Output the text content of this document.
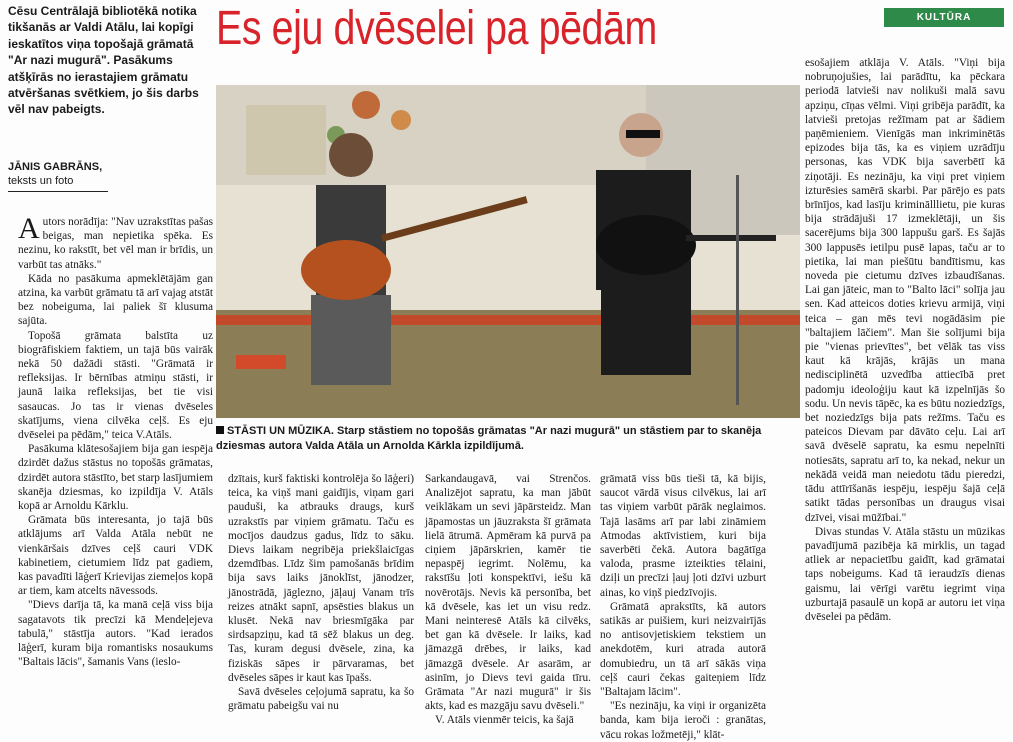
KULTŪRA
Es eju dvēselei pa pēdām
Cēsu Centrālajā bibliotēkā notika tikšanās ar Valdi Atālu, lai kopīgi ieskatītos viņa topošajā grāmatā "Ar nazi mugurā". Pasākums atšķīrās no ierastajiem grāmatu atvēršanas svētkiem, jo šis darbs vēl nav pabeigts.
JĀNIS GABRĀNS,
teksts un foto
STĀSTI UN MŪZIKA. Starp stāstiem no topošās grāmatas "Ar nazi mugurā" un stāstiem par to skanēja dziesmas autora Valda Atāla un Arnolda Kārkla izpildījumā.

Autors norādīja: "Nav uzrakstītas pašas beigas, man nepietika spēka. Es nezinu, ko rakstīt, bet vēl man ir brīdis, un varbūt tas atnāks."

Kāda no pasākuma apmeklētājām gan atzina, ka varbūt grāmatu tā arī vajag atstāt bez nobeiguma, lai paliek šī klusuma sajūta.

Topošā grāmata balstīta uz biogrāfiskiem faktiem, un tajā būs vairāk nekā 50 dažādi stāsti. "Grāmatā ir refleksijas. Ir bērnības atmiņu stāsti, ir jaunā laika refleksijas, bet tie visi sasaucas. Jo tas ir vienas dvēseles skatījums, viena cilvēka ceļš. Es eju dvēselei pa pēdām," teica V.Atāls.

Pasākuma klātesošajiem bija gan iespēja dzirdēt dažus stāstus no topošās grāmatas, dzirdēt autora stāstīto, bet starp lasījumiem skanēja dziesmas, ko izpildīja V. Atāls kopā ar Arnoldu Kārklu.

Grāmata būs interesanta, jo tajā būs atklājums arī Valda Atāla nebūt ne vienkāršais dzīves ceļš cauri VDK kabinetiem, cietumiem līdz pat gadiem, kas pavadīti lāģerī Krievijas ziemeļos kopā ar tiem, kam atcelts nāvessods.

"Dievs darīja tā, ka manā ceļā viss bija sagatavots tik precīzi kā Mendeļejeva tabulā," stāstīja autors. "Kad ierados lāģerī, kuram bija romantisks nosaukums "Baltais lācis", šamanis Vans (ieslo-

dzītais, kurš faktiski kontrolēja šo lāģeri) teica, ka viņš mani gaidījis, viņam gari pauduši, ka atbrauks draugs, kurš uzrakstīs par viņiem grāmatu. Taču es mocījos daudzus gadus, līdz to sāku. Dievs laikam negribēja priekšlaicīgas dzemdības. Līdz šim pamošanās brīdim bija savs laiks jānoklīst, jānodzer, jānostrādā, jāglezno, jāļauj Vanam trīs reizes atnākt sapnī, apsēsties blakus un klusēt. Nekā nav briesmīgāka par sirdsapziņu, kad tā sēž blakus un deg. Tas, kuram degusi dvēsele, zina, ka fiziskās sāpes ir pārvaramas, bet dvēseles sāpes ir kaut kas īpašs.

Savā dvēseles ceļojumā sapratu, ka šo grāmatu pabeigšu vai nu

Sarkandaugavā, vai Strenčos. Analizējot sapratu, ka man jābūt veiklākam un sevi jāpārsteidz. Man jāpamostas un jāuzraksta šī grāmata lielā ātrumā. Apmēram kā purvā pa ciņiem jāpārskrien, kamēr tie nepaspēj iegrimt. Nolēmu, ka rakstīšu ļoti konspektīvi, iešu kā novērotājs. Nevis kā personība, bet kā dvēsele, kas iet un visu redz. Mani neinteresē Atāls kā cilvēks, bet gan kā dvēsele. Ir laiks, kad jāmazgā drēbes, ir laiks, kad jāmazgā dvēsele. Ar asarām, ar asinīm, jo Dievs tevi gaida tīru. Grāmata "Ar nazi mugurā" ir šis akts, kad es mazgāju savu dvēseli."

V. Atāls vienmēr teicis, ka šajā

grāmatā viss būs tieši tā, kā bijis, saucot vārdā visus cilvēkus, lai arī tas viņiem varbūt pārāk neglaimos. Tajā lasāms arī par labi zināmiem Atmodas aktīvistiem, kuri bija saverbēti čekā. Autora bagātīga valoda, prasme izteikties tēlaini, dziļi un precīzi ļauj ļoti dzīvi uzburt ainas, ko viņš piedzīvojis.

Grāmatā aprakstīts, kā autors satikās ar puišiem, kuri neizvairījās no antisovjetiskiem tekstiem un anekdotēm, kuri atrada autorā domubiedru, un tā arī sākās viņa ceļš cauri čekas gaiteņiem līdz "Baltajam lācim".

"Es nezināju, ka viņi ir organizēta banda, kam bija ieroči : granātas, vācu rokas ložmetēji," klāt-

esošajiem atklāja V. Atāls. "Viņi bija nobruņojušies, lai parādītu, ka pēckara periodā latvieši nav nolikuši malā savu apziņu, cīņas vēlmi. Viņi gribēja parādīt, ka latvieši pretojas režīmam pat ar šādiem paņēmieniem. Vienīgās man inkriminētās epizodes bija tās, ka es viņiem uzrādīju personas, kas VDK bija saverbētī kā ziņotāji. Es nezināju, ka viņi pret viņiem izturēsies samērā skarbi. Par pārējo es pats brīnījos, kad lasīju kriminālllietu, pie kuras bija strādājuši 17 izmeklētāji, un šis sacerējums bija 300 lappušu garš. Es šajās 300 lappusēs ietilpu pusē lapas, taču ar to pietika, lai man piešūtu bandītismu, kas noveda pie cietumu dzīves izbaudīšanas. Lai gan jāteic, man to "Balto lāci" solīja jau sen. Kad atteicos doties krievu armijā, viņi teica – gan mēs tevi nogādāsim pie "baltajiem lāčiem". Man šie solījumi bija pie "vienas prievītes", bet vēlāk tas viss kaut kā krājās, krājās un mana nedisciplinētā uzvedība attiecībā pret padomju ideoloģiju kaut kā izpelnījās šo sodu. Un nevis tāpēc, ka es būtu noziedzīgs, bet noziedzīgs bija pats režīms. Taču es pateicos Dievam par dāvāto ceļu. Lai arī savā dvēselē sapratu, ka esmu nepelnīti notiesāts, sapratu arī to, ka nekad, nekur un nekādā veidā man neiedotu tādu pieredzi, tādu attīrīšanās iespēju, iespēju šajā ceļā satikt tādas personības un draugus visai dzīvei, visai mūžībai."

Divas stundas V. Atāla stāstu un mūzikas pavadījumā pazibēja kā mirklis, un tagad atliek ar nepacietību gaidīt, kad grāmatai taps nobeigums. Kad tā ieraudzīs dienas gaismu, lai vērīgi varētu iegrimt viņa uzburtajā pasaulē un kopā ar autoru iet viņa dvēselei pa pēdām.
